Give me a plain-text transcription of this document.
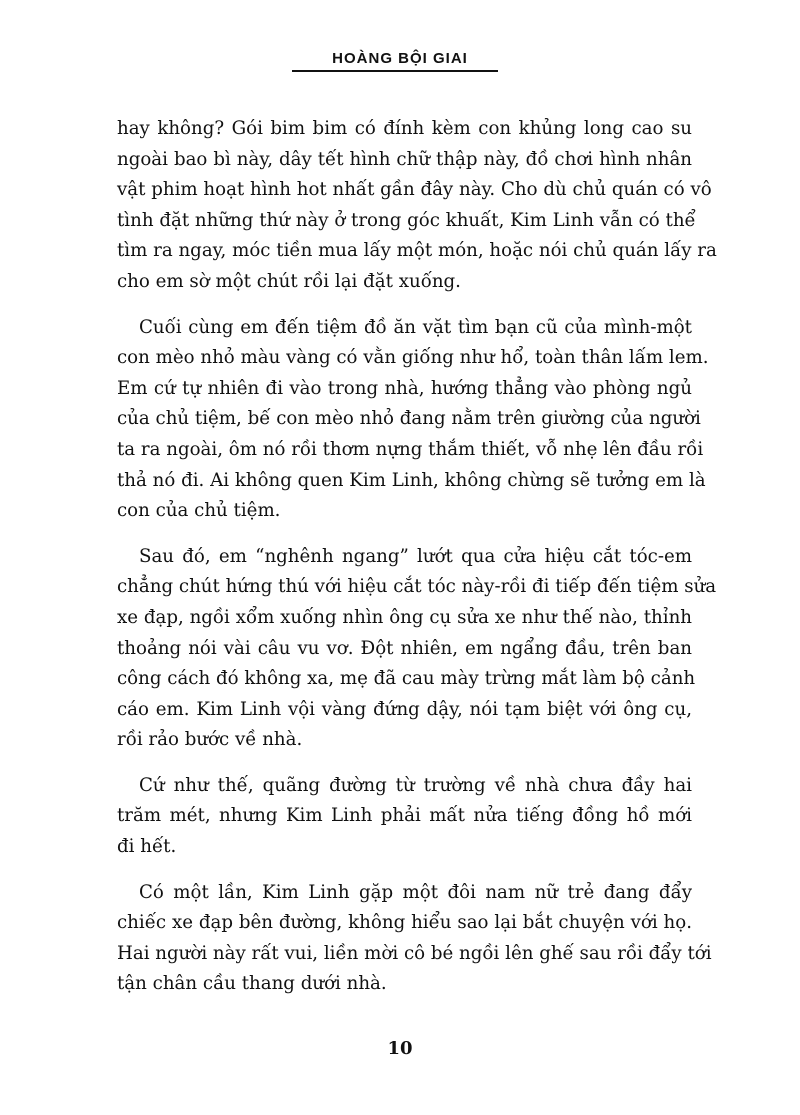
HOÀNG BỘI GIAI
hay không? Gói bim bim có đính kèm con khủng long cao su
ngoài bao bì này, dây tết hình chữ thập này, đồ chơi hình nhân
vật phim hoạt hình hot nhất gần đây này. Cho dù chủ quán có vô
tình đặt những thứ này ở trong góc khuất, Kim Linh vẫn có thể
tìm ra ngay, móc tiền mua lấy một món, hoặc nói chủ quán lấy ra
cho em sờ một chút rồi lại đặt xuống.
Cuối cùng em đến tiệm đồ ăn vặt tìm bạn cũ của mình-một
con mèo nhỏ màu vàng có vằn giống như hổ, toàn thân lấm lem.
Em cứ tự nhiên đi vào trong nhà, hướng thẳng vào phòng ngủ
của chủ tiệm, bế con mèo nhỏ đang nằm trên giường của người
ta ra ngoài, ôm nó rồi thơm nựng thắm thiết, vỗ nhẹ lên đầu rồi
thả nó đi. Ai không quen Kim Linh, không chừng sẽ tưởng em là
con của chủ tiệm.
Sau đó, em “nghênh ngang” lướt qua cửa hiệu cắt tóc-em
chẳng chút hứng thú với hiệu cắt tóc này-rồi đi tiếp đến tiệm sửa
xe đạp, ngồi xổm xuống nhìn ông cụ sửa xe như thế nào, thỉnh
thoảng nói vài câu vu vơ. Đột nhiên, em ngẩng đầu, trên ban
công cách đó không xa, mẹ đã cau mày trừng mắt làm bộ cảnh
cáo em. Kim Linh vội vàng đứng dậy, nói tạm biệt với ông cụ,
rồi rảo bước về nhà.
Cứ như thế, quãng đường từ trường về nhà chưa đầy hai
trăm mét, nhưng Kim Linh phải mất nửa tiếng đồng hồ mới
đi hết.
Có một lần, Kim Linh gặp một đôi nam nữ trẻ đang đẩy
chiếc xe đạp bên đường, không hiểu sao lại bắt chuyện với họ.
Hai người này rất vui, liền mời cô bé ngồi lên ghế sau rồi đẩy tới
tận chân cầu thang dưới nhà.
10
